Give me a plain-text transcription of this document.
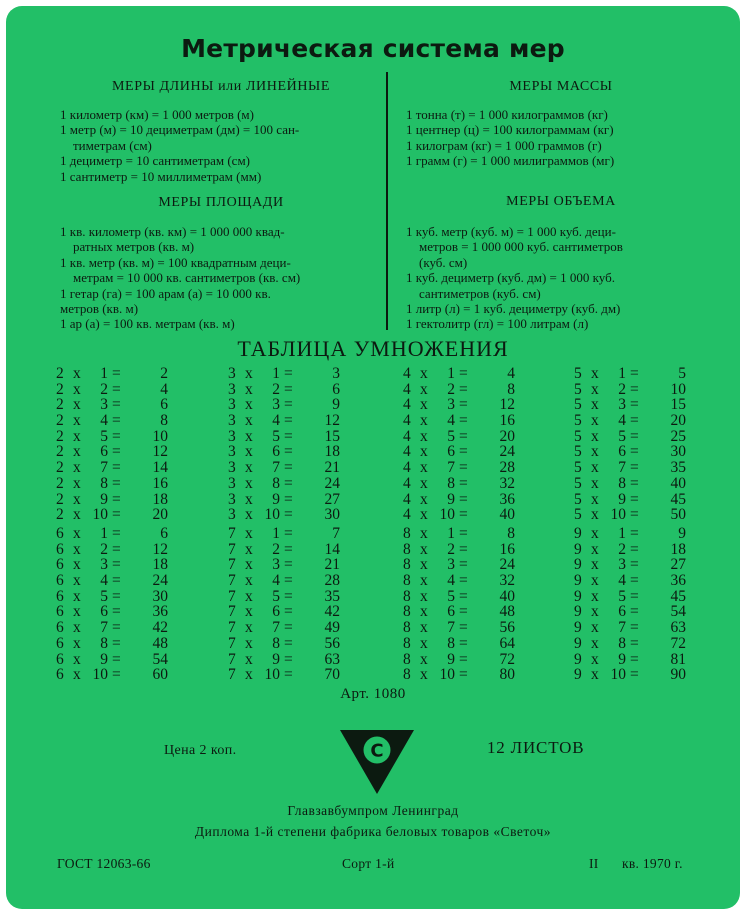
Метрическая система мер
МЕРЫ ДЛИНЫ или ЛИНЕЙНЫЕ

1 километр (км) = 1 000 метров (м)

1 метр (м) = 10 дециметрам (дм) = 100 сан-

тиметрам (см)

1 дециметр = 10 сантиметрам (см)

1 сантиметр = 10 миллиметрам (мм)

МЕРЫ ПЛОЩАДИ

1 кв. километр (кв. км) = 1 000 000 квад-

ратных метров (кв. м)

1 кв. метр (кв. м) = 100 квадратным деци-

метрам = 10 000 кв. сантиметров (кв. см)

1 гетар (га) = 100 арам (а) = 10 000 кв.

метров (кв. м)

1 ар (а) = 100 кв. метрам (кв. м)

МЕРЫ МАССЫ

1 тонна (т) = 1 000 килограммов (кг)

1 центнер (ц) = 100 килограммам (кг)

1 килограм (кг) = 1 000 граммов (г)

1 грамм (г) = 1 000 милиграммов (мг)

МЕРЫ ОБЪЕМА

1 куб. метр (куб. м) = 1 000 куб. деци-

метров = 1 000 000 куб. сантиметров

(куб. см)

1 куб. дециметр (куб. дм) = 1 000 куб.

сантиметров (куб. см)

1 литр (л) = 1 куб. дециметру (куб. дм)

1 гектолитр (гл) = 100 литрам (л)

ТАБЛИЦА УМНОЖЕНИЯ
2 x	1 =	2
2 x	2 =	4
2 x	3 =	6
2 x	4 =	8
2 x	5 = 10
2 x	6 = 12
2 x	7 = 14
2 x	8 = 16
2 x	9 = 18
2 x 10 = 20
3 x	1 =	3
3 x	2 =	6
3 x	3 =	9
3 x	4 = 12
3 x	5 = 15
3 x	6 = 18
3 x	7 = 21
3 x	8 = 24
3 x	9 = 27
3 x 10 = 30
4 x	1 =	4
4 x	2 =	8
4 x	3 = 12
4 x	4 = 16
4 x	5 = 20
4 x	6 = 24
4 x	7 = 28
4 x	8 = 32
4 x	9 = 36
4 x 10 = 40
5 x	1 =	5
5 x	2 = 10
5 x	3 = 15
5 x	4 = 20
5 x	5 = 25
5 x	6 = 30
5 x	7 = 35
5 x	8 = 40
5 x	9 = 45
5 x 10 = 50
6 x	1 =	6
6 x	2 = 12
6 x	3 = 18
6 x	4 = 24
6 x	5 = 30
6 x	6 = 36
6 x	7 = 42
6 x	8 = 48
6 x	9 = 54
6 x 10 = 60
7 x	1 =	7
7 x	2 = 14
7 x	3 = 21
7 x	4 = 28
7 x	5 = 35
7 x	6 = 42
7 x	7 = 49
7 x	8 = 56
7 x	9 = 63
7 x 10 = 70
8 x	1 =	8
8 x	2 = 16
8 x	3 = 24
8 x	4 = 32
8 x	5 = 40
8 x	6 = 48
8 x	7 = 56
8 x	8 = 64
8 x	9 = 72
8 x 10 = 80
9 x	1 =	9
9 x	2 = 18
9 x	3 = 27
9 x	4 = 36
9 x	5 = 45
9 x	6 = 54
9 x	7 = 63
9 x	8 = 72
9 x	9 = 81
9 x 10 = 90
Арт. 1080
Цена 2 коп.	С	12 ЛИСТОВ
Главзавбумпром Ленинград
Диплома 1-й степени фабрика беловых товаров «Светоч»
ГОСТ 12063-66	Сорт 1-й	II кв. 1970 г.
